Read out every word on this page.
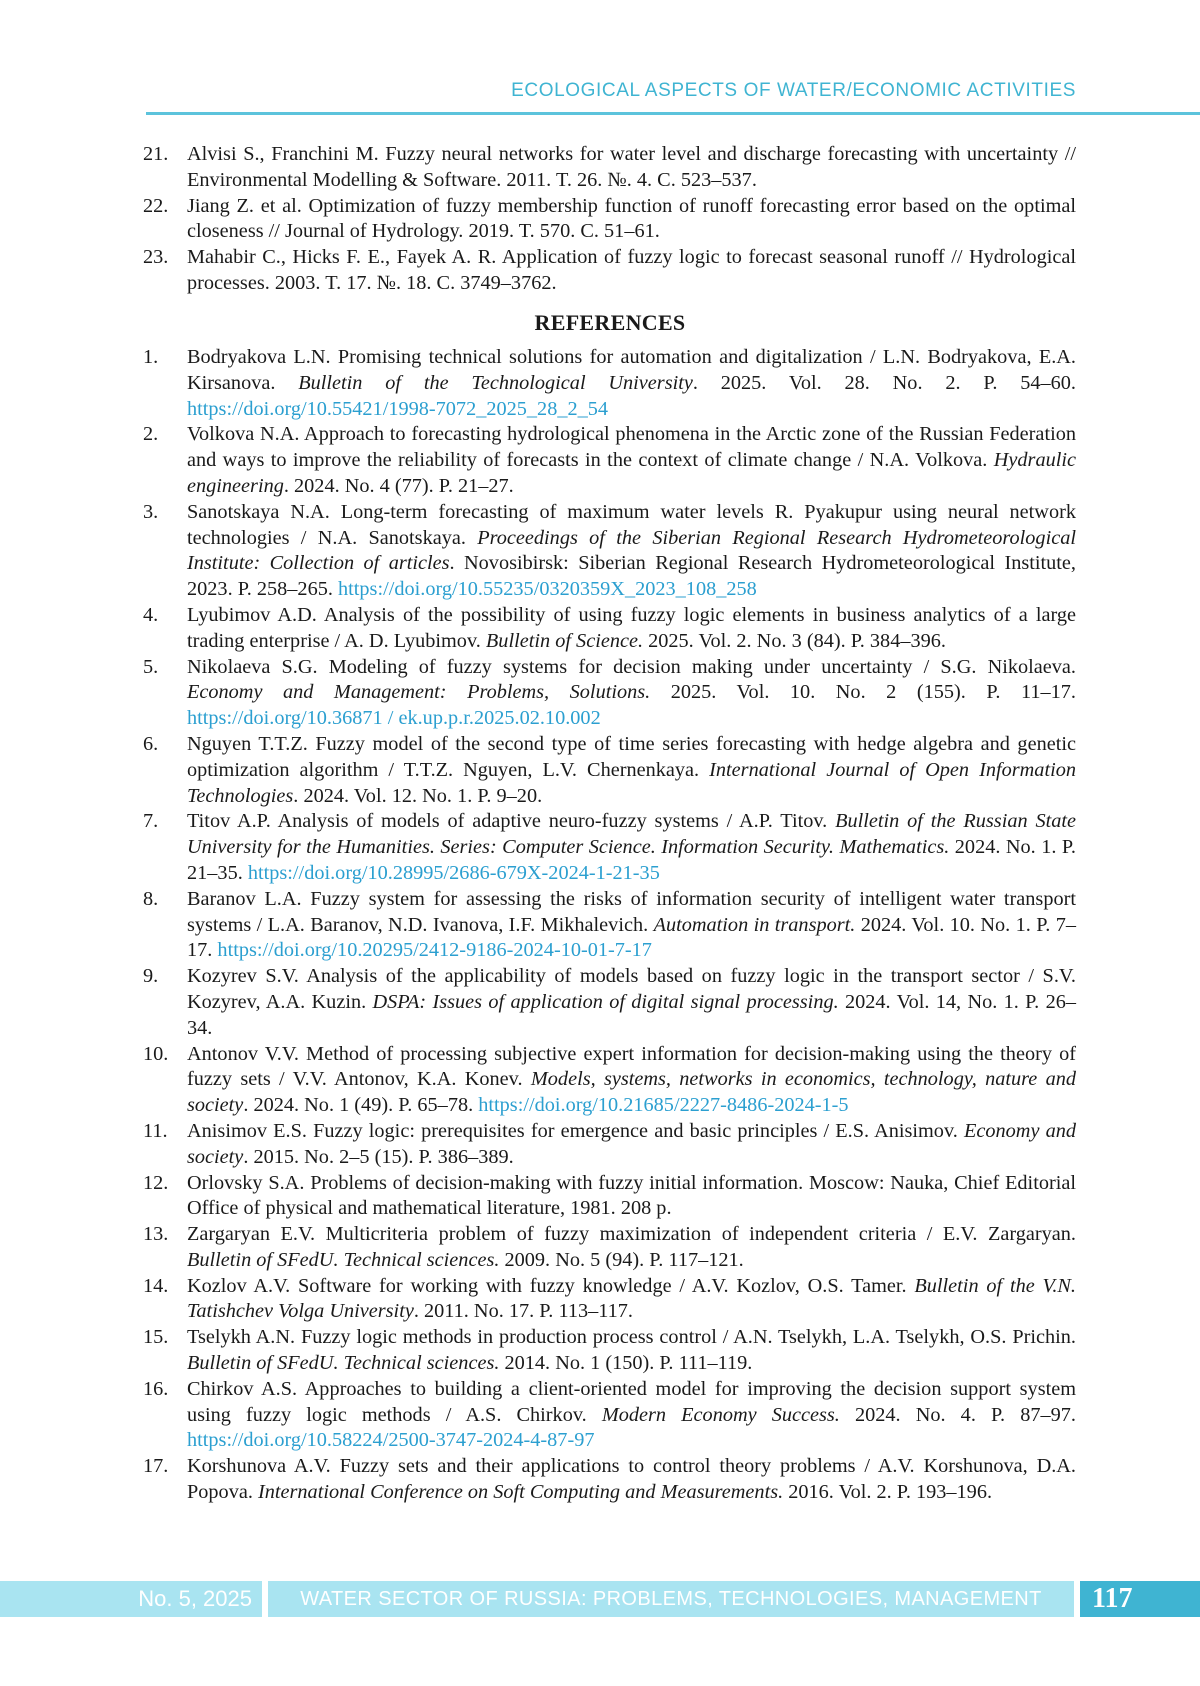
ECOLOGICAL ASPECTS OF WATER/ECONOMIC ACTIVITIES
21. Alvisi S., Franchini M. Fuzzy neural networks for water level and discharge forecasting with uncertainty // Environmental Modelling & Software. 2011. T. 26. №. 4. C. 523–537.
22. Jiang Z. et al. Optimization of fuzzy membership function of runoff forecasting error based on the optimal closeness // Journal of Hydrology. 2019. T. 570. C. 51–61.
23. Mahabir C., Hicks F. E., Fayek A. R. Application of fuzzy logic to forecast seasonal runoff // Hydrological processes. 2003. T. 17. №. 18. C. 3749–3762.
REFERENCES
1.	Bodryakova L.N. Promising technical solutions for automation and digitalization / L.N. Bodryakova, E.A. Kirsanova. Bulletin of the Technological University. 2025. Vol. 28. No. 2. P. 54–60. https://doi.org/10.55421/1998-7072_2025_28_2_54
2.	Volkova N.A. Approach to forecasting hydrological phenomena in the Arctic zone of the Russian Federation and ways to improve the reliability of forecasts in the context of climate change / N.A. Volkova. Hydraulic engineering. 2024. No. 4 (77). P. 21–27.
3.	Sanotskaya N.A. Long-term forecasting of maximum water levels R. Pyakupur using neural network technologies / N.A. Sanotskaya. Proceedings of the Siberian Regional Research Hydrometeorological Institute: Collection of articles. Novosibirsk: Siberian Regional Research Hydrometeorological Institute, 2023. P. 258–265. https://doi.org/10.55235/0320359X_2023_108_258
4.	Lyubimov A.D. Analysis of the possibility of using fuzzy logic elements in business analytics of a large trading enterprise / A. D. Lyubimov. Bulletin of Science. 2025. Vol. 2. No. 3 (84). P. 384–396.
5.	Nikolaeva S.G. Modeling of fuzzy systems for decision making under uncertainty / S.G. Nikolaeva. Economy and Management: Problems, Solutions. 2025. Vol. 10. No. 2 (155). P. 11–17. https://doi.org/10.36871 / ek.up.p.r.2025.02.10.002
6.	Nguyen T.T.Z. Fuzzy model of the second type of time series forecasting with hedge algebra and genetic optimization algorithm / T.T.Z. Nguyen, L.V. Chernenkaya. International Journal of Open Information Technologies. 2024. Vol. 12. No. 1. P. 9–20.
7.	Titov A.P. Analysis of models of adaptive neuro-fuzzy systems / A.P. Titov. Bulletin of the Russian State University for the Humanities. Series: Computer Science. Information Security. Mathematics. 2024. No. 1. P. 21–35. https://doi.org/10.28995/2686-679X-2024-1-21-35
8.	Baranov L.A. Fuzzy system for assessing the risks of information security of intelligent water transport systems / L.A. Baranov, N.D. Ivanova, I.F. Mikhalevich. Automation in transport. 2024. Vol. 10. No. 1. P. 7–17. https://doi.org/10.20295/2412-9186-2024-10-01-7-17
9.	Kozyrev S.V. Analysis of the applicability of models based on fuzzy logic in the transport sector / S.V. Kozyrev, A.A. Kuzin. DSPA: Issues of application of digital signal processing. 2024. Vol. 14, No. 1. P. 26–34.
10. Antonov V.V. Method of processing subjective expert information for decision-making using the theory of fuzzy sets / V.V. Antonov, K.A. Konev. Models, systems, networks in economics, technology, nature and society. 2024. No. 1 (49). P. 65–78. https://doi.org/10.21685/2227-8486-2024-1-5
11. Anisimov E.S. Fuzzy logic: prerequisites for emergence and basic principles / E.S. Anisimov. Economy and society. 2015. No. 2–5 (15). P. 386–389.
12. Orlovsky S.A. Problems of decision-making with fuzzy initial information. Moscow: Nauka, Chief Editorial Office of physical and mathematical literature, 1981. 208 p.
13. Zargaryan E.V. Multicriteria problem of fuzzy maximization of independent criteria / E.V. Zargaryan. Bulletin of SFedU. Technical sciences. 2009. No. 5 (94). P. 117–121.
14. Kozlov A.V. Software for working with fuzzy knowledge / A.V. Kozlov, O.S. Tamer. Bulletin of the V.N. Tatishchev Volga University. 2011. No. 17. P. 113–117.
15. Tselykh A.N. Fuzzy logic methods in production process control / A.N. Tselykh, L.A. Tselykh, O.S. Prichin. Bulletin of SFedU. Technical sciences. 2014. No. 1 (150). P. 111–119.
16. Chirkov A.S. Approaches to building a client-oriented model for improving the decision support system using fuzzy logic methods / A.S. Chirkov. Modern Economy Success. 2024. No. 4. P. 87–97. https://doi.org/10.58224/2500-3747-2024-4-87-97
17. Korshunova A.V. Fuzzy sets and their applications to control theory problems / A.V. Korshunova, D.A. Popova. International Conference on Soft Computing and Measurements. 2016. Vol. 2. P. 193–196.
No. 5, 2025	WATER SECTOR OF RUSSIA: PROBLEMS, TECHNOLOGIES, MANAGEMENT	117
